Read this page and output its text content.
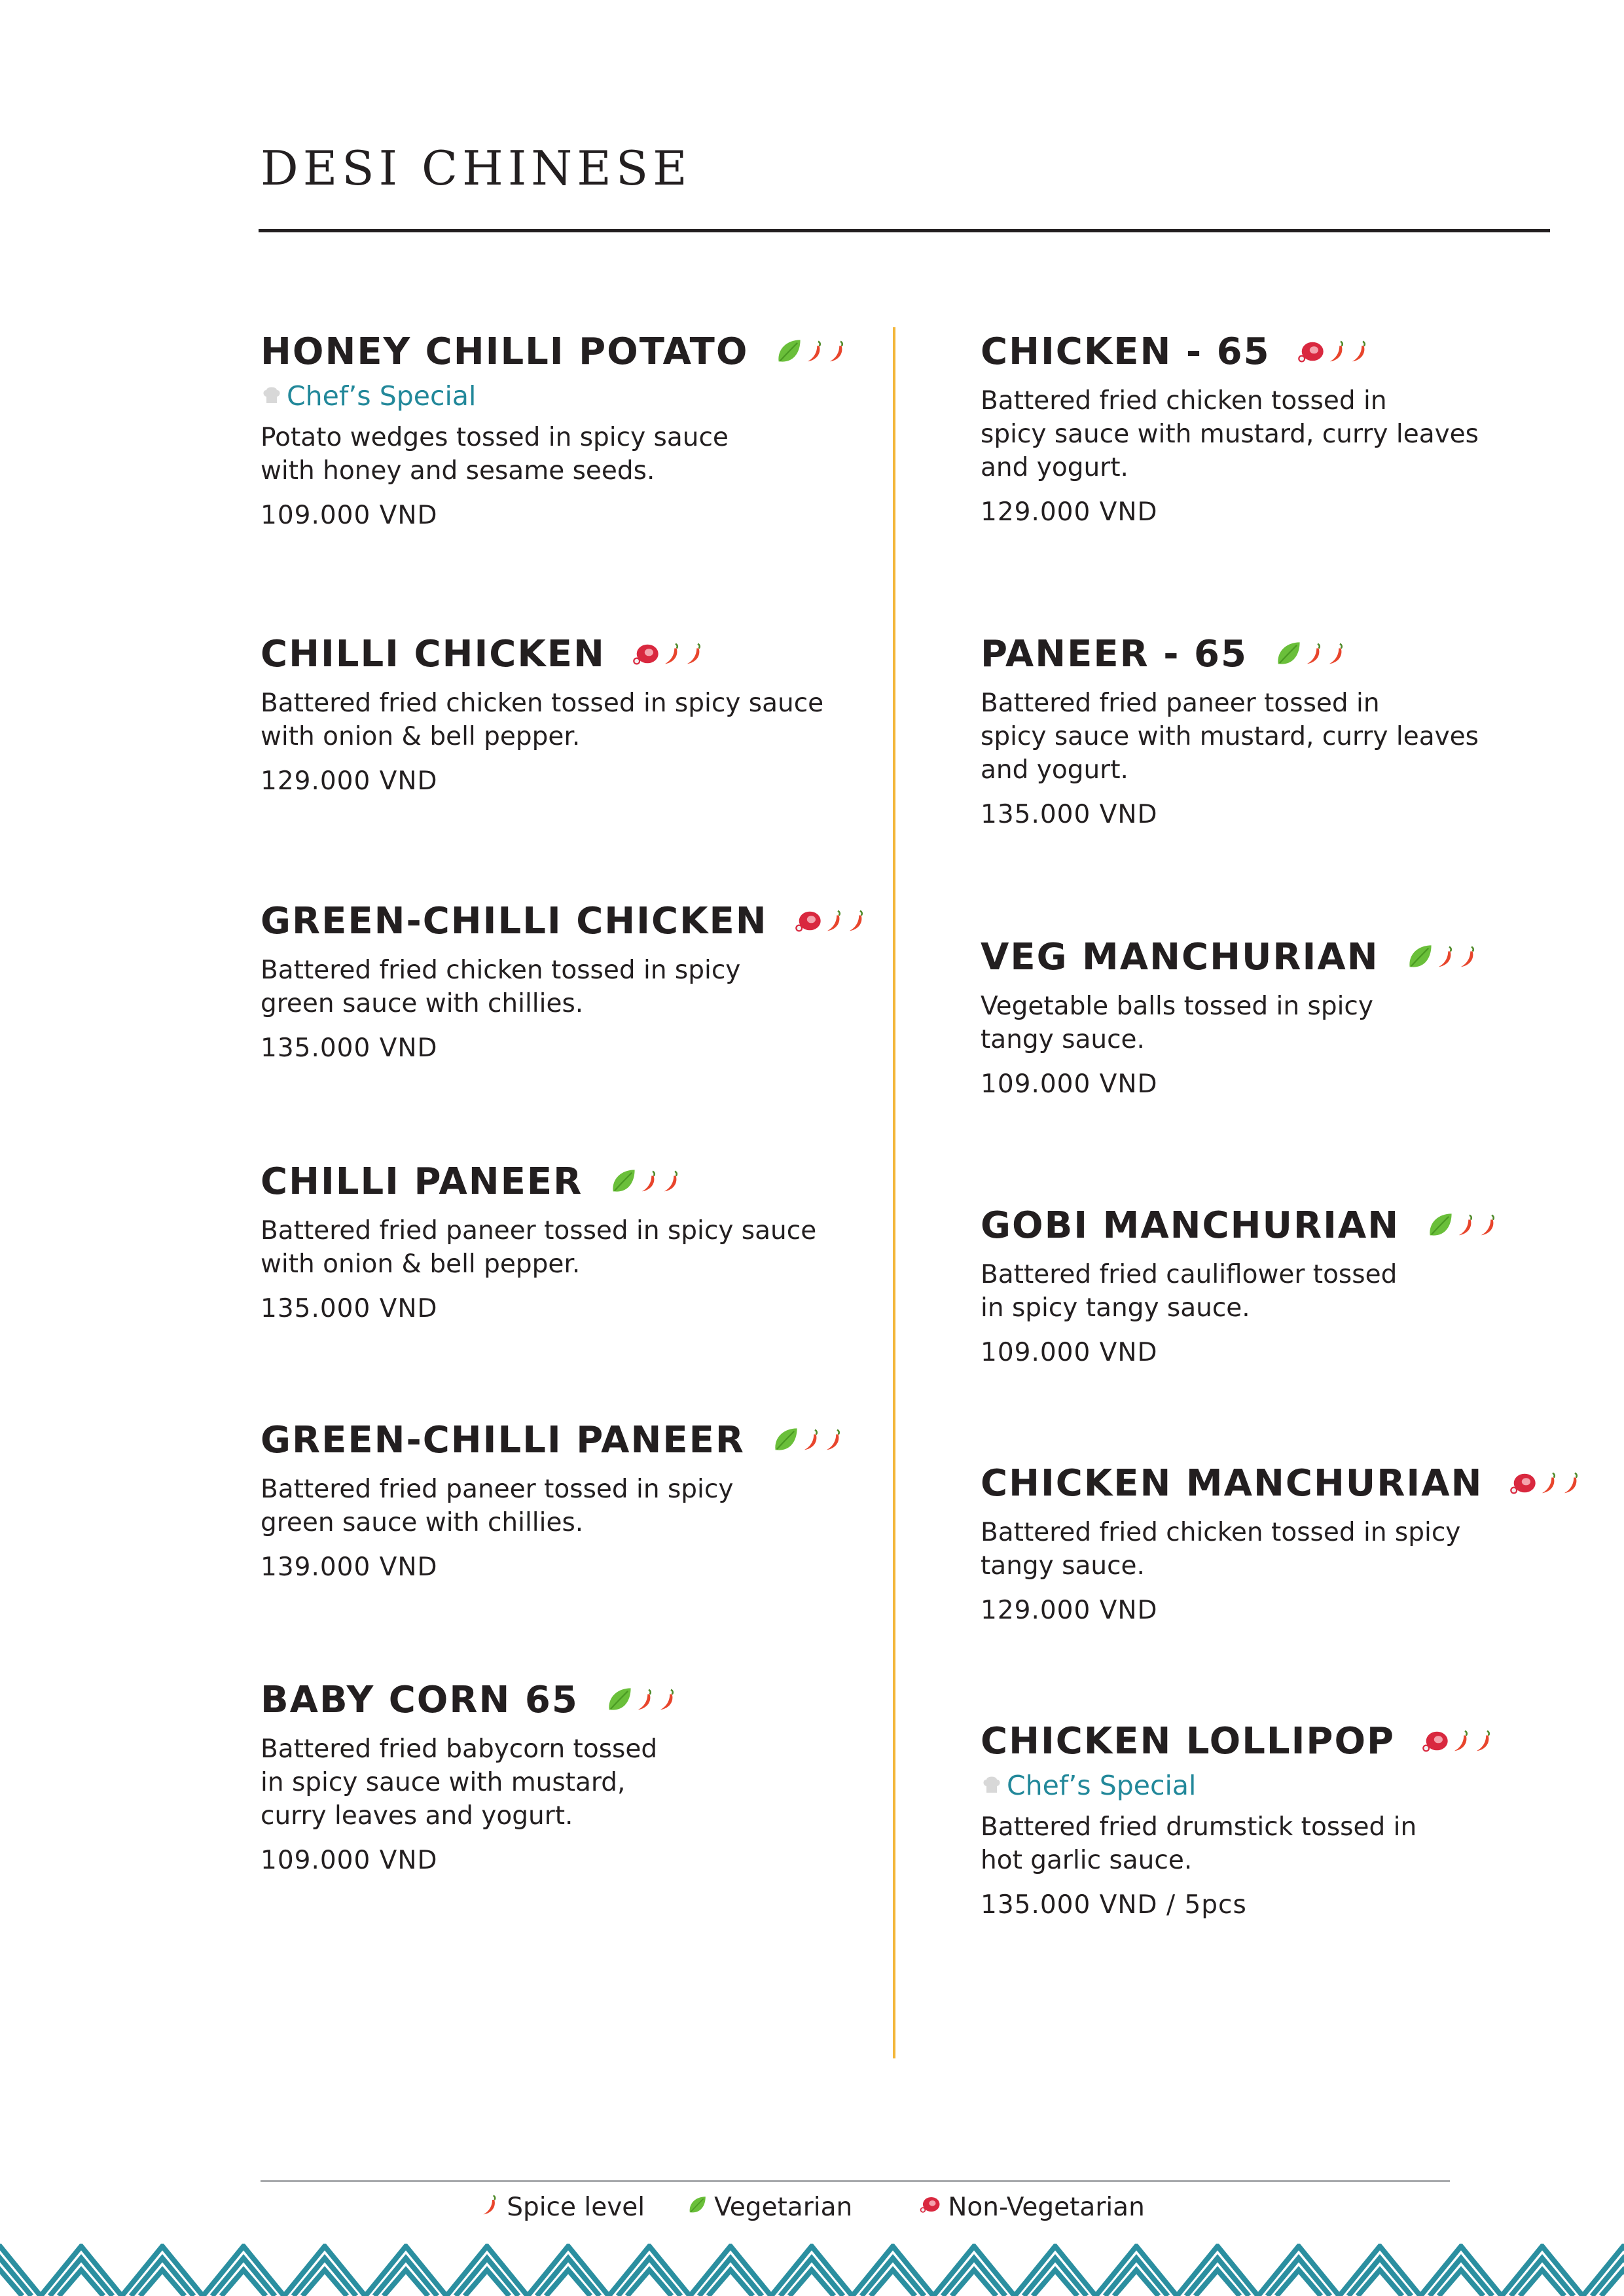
DESI CHINESE
HONEY CHILLI POTATO
Chef’s Special
Potato wedges tossed in spicy sauce
with honey and sesame seeds.
109.000 VND
CHILLI CHICKEN
Battered fried chicken tossed in spicy sauce
with onion & bell pepper.
129.000 VND
GREEN-CHILLI CHICKEN
Battered fried chicken tossed in spicy
green sauce with chillies.
135.000 VND
CHILLI PANEER
Battered fried paneer tossed in spicy sauce
with onion & bell pepper.
135.000 VND
GREEN-CHILLI PANEER
Battered fried paneer tossed in spicy
green sauce with chillies.
139.000 VND
BABY CORN 65
Battered fried babycorn tossed
in spicy sauce with mustard,
curry leaves and yogurt.
109.000 VND
CHICKEN - 65
Battered fried chicken tossed in
spicy sauce with mustard, curry leaves
and yogurt.
129.000 VND
PANEER - 65
Battered fried paneer tossed in
spicy sauce with mustard, curry leaves
and yogurt.
135.000 VND
VEG MANCHURIAN
Vegetable balls tossed in spicy
tangy sauce.
109.000 VND
GOBI MANCHURIAN
Battered fried cauliflower tossed
in spicy tangy sauce.
109.000 VND
CHICKEN MANCHURIAN
Battered fried chicken tossed in spicy
tangy sauce.
129.000 VND
CHICKEN LOLLIPOP
Chef’s Special
Battered fried drumstick tossed in
hot garlic sauce.
135.000 VND / 5pcs
Spice level	Vegetarian	Non-Vegetarian
